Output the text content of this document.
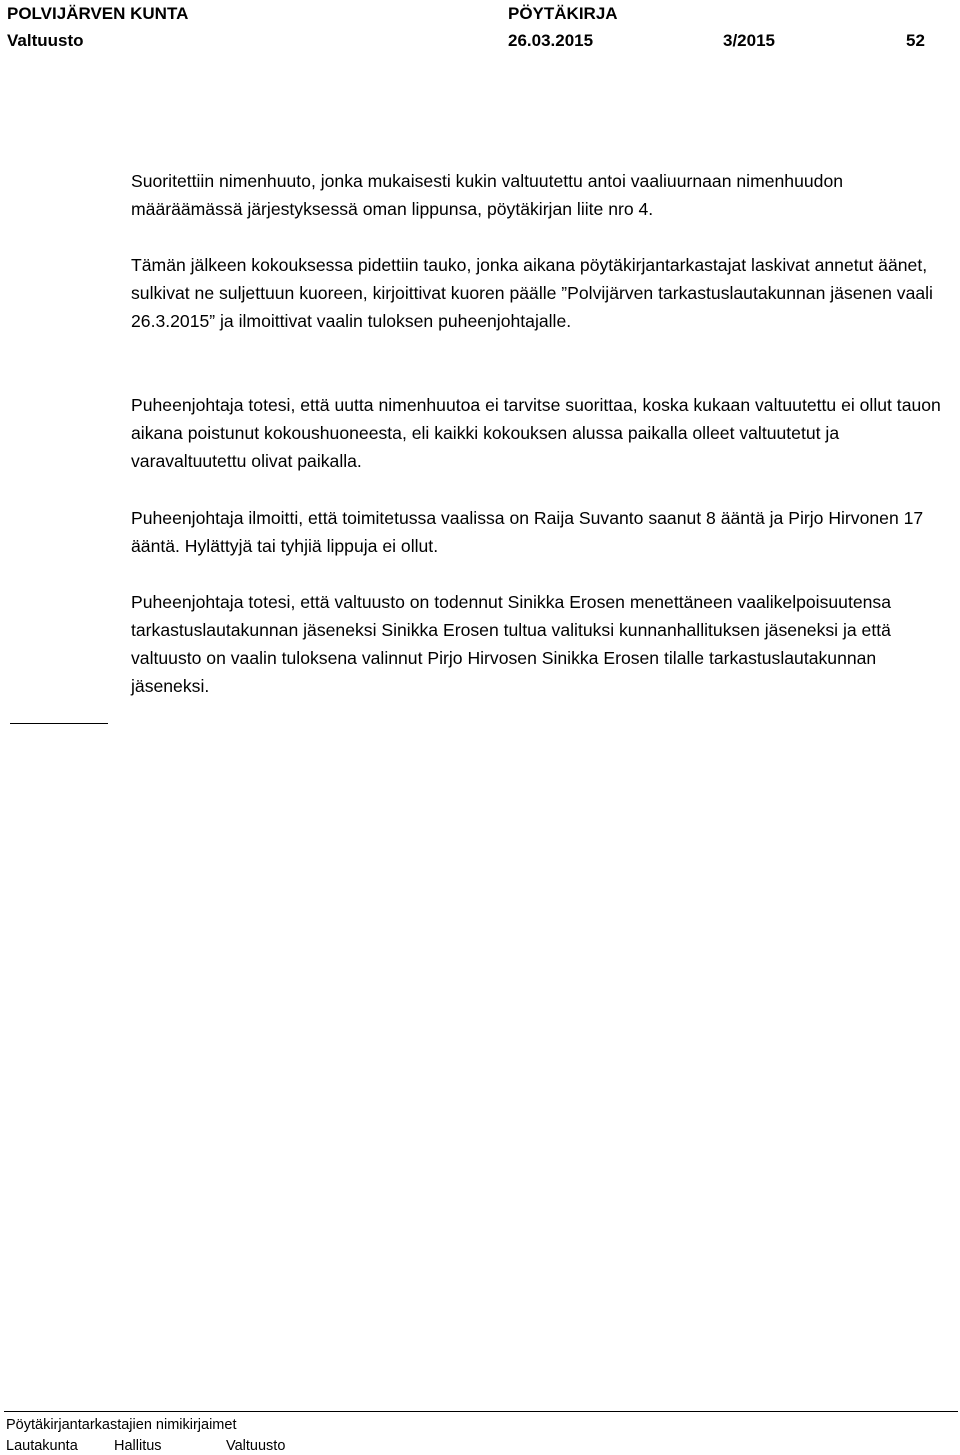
POLVIJÄRVEN KUNTA	PÖYTÄKIRJA
Valtuusto	26.03.2015	3/2015	52

Suoritettiin nimenhuuto, jonka mukaisesti kukin valtuutettu antoi vaaliuurnaan nimenhuudon määräämässä järjestyksessä oman lippunsa, pöytäkirjan liite nro 4.

Tämän jälkeen kokouksessa pidettiin tauko, jonka aikana pöytäkirjantarkastajat laskivat annetut äänet, sulkivat ne suljettuun kuoreen, kirjoittivat kuoren päälle ”Polvijärven tarkastuslautakunnan jäsenen vaali 26.3.2015” ja ilmoittivat vaalin tuloksen puheenjohtajalle.

Puheenjohtaja totesi, että uutta nimenhuutoa ei tarvitse suorittaa, koska kukaan valtuutettu ei ollut tauon aikana poistunut kokoushuoneesta, eli kaikki kokouksen alussa paikalla olleet valtuutetut ja varavaltuutettu olivat paikalla.

Puheenjohtaja ilmoitti, että toimitetussa vaalissa on Raija Suvanto saanut 8 ääntä ja Pirjo Hirvonen 17 ääntä. Hylättyjä tai tyhjiä lippuja ei ollut.

Puheenjohtaja totesi, että valtuusto on todennut Sinikka Erosen menettäneen vaalikelpoisuutensa tarkastuslautakunnan jäseneksi Sinikka Erosen tultua valituksi kunnanhallituksen jäseneksi ja että valtuusto on vaalin tuloksena valinnut Pirjo Hirvosen Sinikka Erosen tilalle tarkastuslautakunnan jäseneksi.

Pöytäkirjantarkastajien nimikirjaimet
Lautakunta Hallitus	Valtuusto
